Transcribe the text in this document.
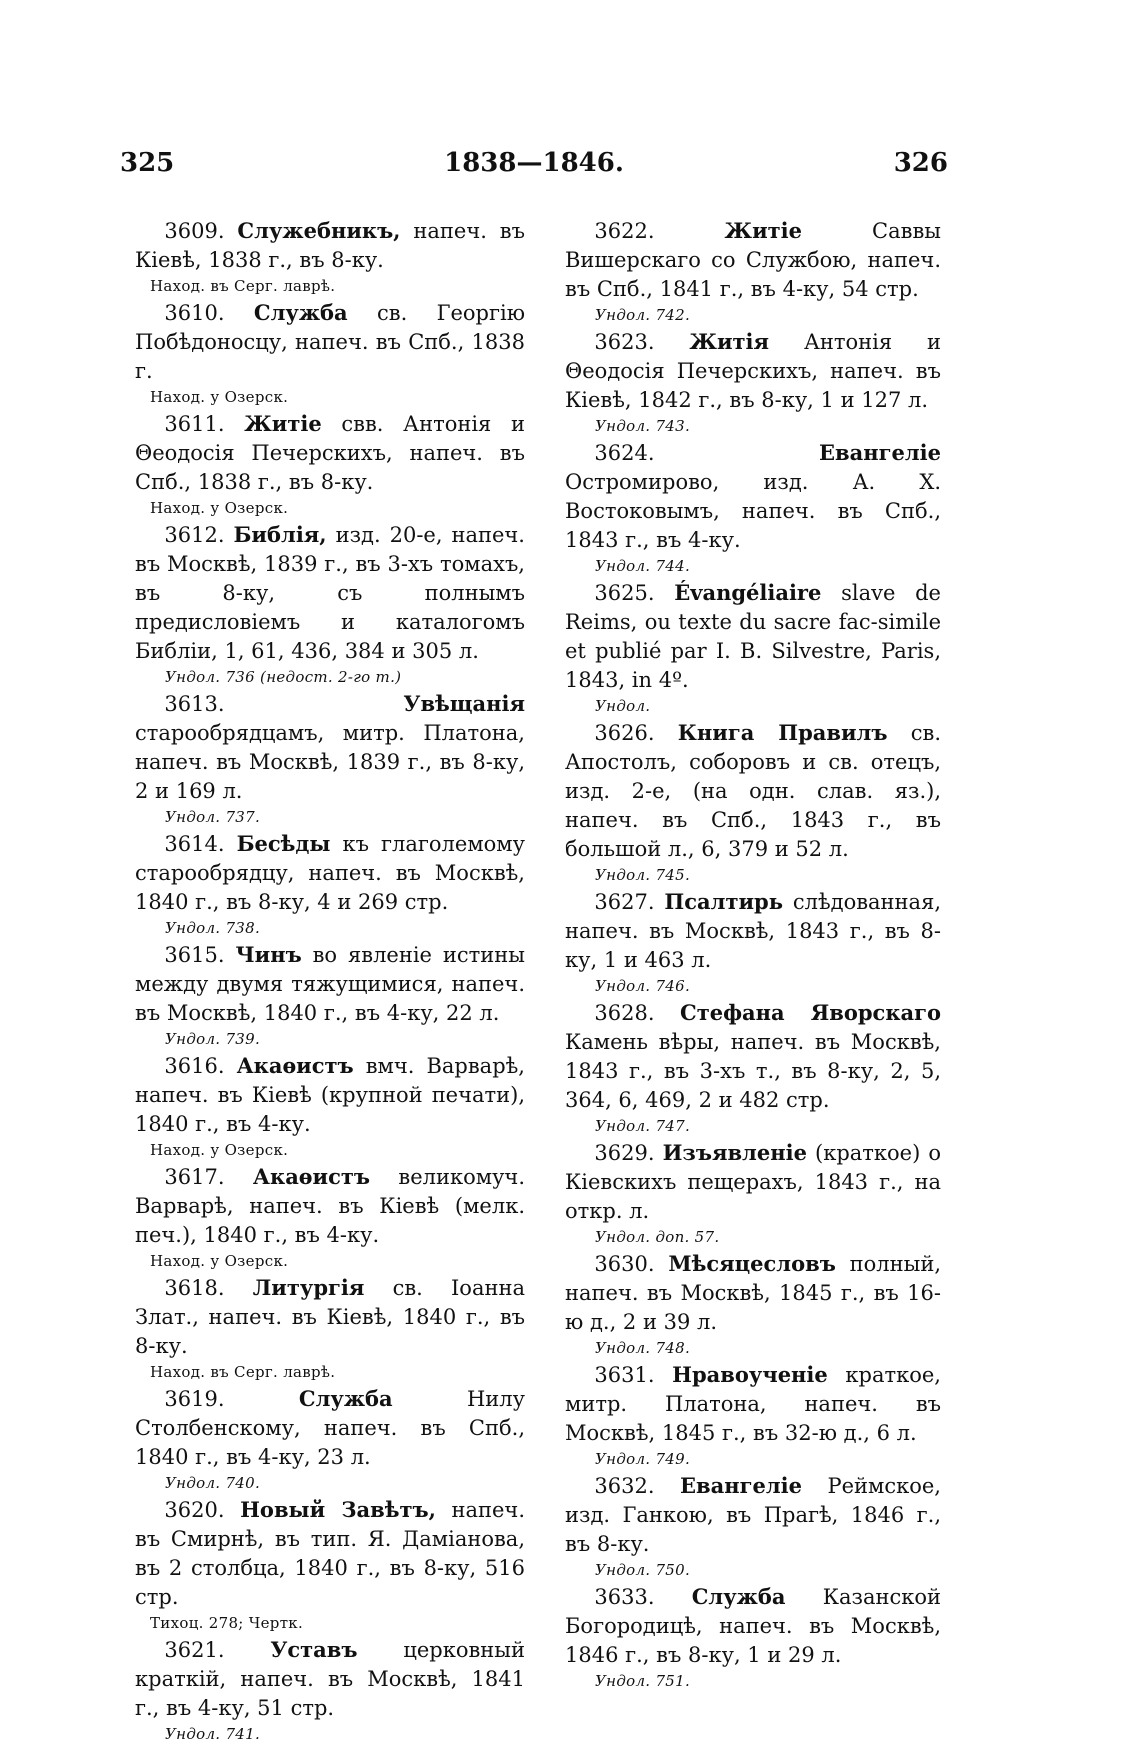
325	1838—1846.	326
3609. Служебникъ, напеч. въ Кіевѣ, 1838 г., въ 8-ку.
Наход. въ Серг. лаврѣ.
3610. Служба св. Георгію Побѣдоносцу, напеч. въ Спб., 1838 г.
Наход. у Озерск.
3611. Житіе свв. Антонія и Θеодосія Печерскихъ, напеч. въ Спб., 1838 г., въ 8-ку.
Наход. у Озерск.
3612. Библія, изд. 20-е, напеч. въ Москвѣ, 1839 г., въ 3-хъ томахъ, въ 8-ку, съ полнымъ предисловіемъ и каталогомъ Библіи, 1, 61, 436, 384 и 305 л.
Ундол. 736 (недост. 2-го т.)
3613.	Увѣщанія старообрядцамъ, митр. Платона, напеч. въ Москвѣ, 1839 г., въ 8-ку, 2 и 169 л.
Ундол. 737.
3614. Бесѣды къ глаголемому старообрядцу, напеч. въ Москвѣ, 1840 г., въ 8-ку, 4 и 269 стр.
Ундол. 738.
3615. Чинъ во явленіе истины между двумя тяжущимися, напеч. въ Москвѣ, 1840 г., въ 4-ку, 22 л.
Ундол. 739.
3616. Акаѳистъ вмч. Варварѣ, напеч. въ Кіевѣ (крупной печати), 1840 г., въ 4-ку.
Наход. у Озерск.
3617. Акаѳистъ великомуч. Варварѣ, напеч. въ Кіевѣ (мелк. печ.), 1840 г., въ 4-ку.
Наход. у Озерск.
3618. Литургія св. Іоанна Злат., напеч. въ Кіевѣ, 1840 г., въ 8-ку.
Наход. въ Серг. лаврѣ.
3619.	Служба Нилу Столбенскому, напеч. въ Спб., 1840 г., въ 4-ку, 23 л.
Ундол. 740.
3620. Новый Завѣтъ, напеч. въ Смирнѣ, въ тип. Я. Даміанова, въ 2 столбца, 1840 г., въ 8-ку, 516 стр.
Тихоц. 278; Чертк.
3621. Уставъ церковный краткій, напеч. въ Москвѣ, 1841 г., въ 4-ку, 51 стр.
Ундол. 741.
3622.	Житіе Саввы Вишерскаго со Службою, напеч. въ Спб., 1841 г., въ 4-ку, 54 стр.
Ундол. 742.
3623. Житія Антонія и Θеодосія Печерскихъ, напеч. въ Кіевѣ, 1842 г., въ 8-ку, 1 и 127 л.
Ундол. 743.
3624.	Евангеліе Остромирово, изд. А. Х. Востоковымъ, напеч. въ Спб., 1843 г., въ 4-ку.
Ундол. 744.
3625. Évangéliaire slave de Reims, ou texte du sacre fac-simile et publié par I. B. Silvestre, Paris, 1843, in 4º.
Ундол.
3626. Книга Правилъ св. Апостолъ, соборовъ и св. отецъ, изд. 2-е, (на одн. слав. яз.), напеч. въ Спб., 1843 г., въ большой л., 6, 379 и 52 л.
Ундол. 745.
3627. Псалтирь слѣдованная, напеч. въ Москвѣ, 1843 г., въ 8-ку, 1 и 463 л.
Ундол. 746.
3628. Стефана Яворскаго Камень вѣры, напеч. въ Москвѣ, 1843 г., въ 3-хъ т., въ 8-ку, 2, 5, 364, 6, 469, 2 и 482 стр.
Ундол. 747.
3629. Изъявленіе (краткое) о Кіевскихъ пещерахъ, 1843 г., на откр. л.
Ундол. доп. 57.
3630. Мѣсяцесловъ полный, напеч. въ Москвѣ, 1845 г., въ 16-ю д., 2 и 39 л.
Ундол. 748.
3631. Нравоученіе краткое, митр. Платона, напеч. въ Москвѣ, 1845 г., въ 32-ю д., 6 л.
Ундол. 749.
3632. Евангеліе Реймское, изд. Ганкою, въ Прагѣ, 1846 г., въ 8-ку.
Ундол. 750.
3633. Служба Казанской Богородицѣ, напеч. въ Москвѣ, 1846 г., въ 8-ку, 1 и 29 л.
Ундол. 751.
